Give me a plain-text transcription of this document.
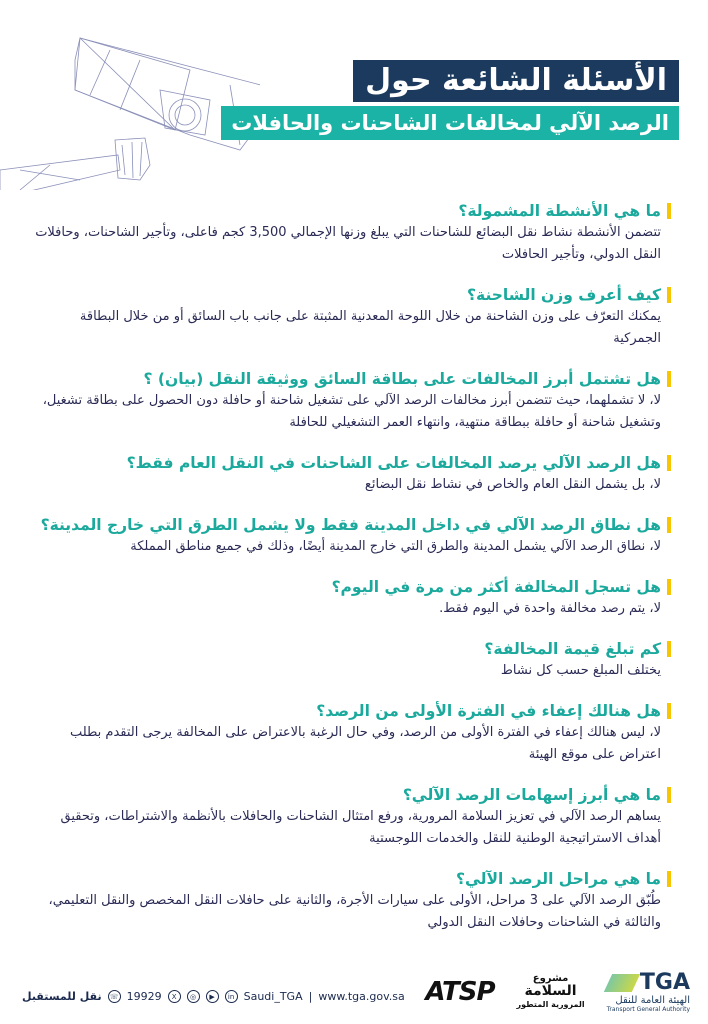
الأسئلة الشائعة حول
الرصد الآلي لمخالفات الشاحنات والحافلات
ما هي الأنشطة المشمولة؟
تتضمن الأنشطة نشاط نقل البضائع للشاحنات التي يبلغ وزنها الإجمالي 3,500 كجم فاعلى، وتأجير الشاحنات، وحافلات النقل الدولي، وتأجير الحافلات
كيف أعرف وزن الشاحنة؟
يمكنك التعرّف على وزن الشاحنة من خلال اللوحة المعدنية المثبتة على جانب باب السائق أو من خلال البطاقة الجمركية
هل تشتمل أبرز المخالفات على بطاقة السائق ووثيقة النقل (بيان) ؟
لا، لا تشملهما، حيث تتضمن أبرز مخالفات الرصد الآلي على تشغيل شاحنة أو حافلة دون الحصول على بطاقة تشغيل، وتشغيل شاحنة أو حافلة ببطاقة منتهية، وانتهاء العمر التشغيلي للحافلة
هل الرصد الآلي يرصد المخالفات على الشاحنات في النقل العام فقط؟
لا، بل يشمل النقل العام والخاص في نشاط نقل البضائع
هل نطاق الرصد الآلي في داخل المدينة فقط ولا يشمل الطرق التي خارج المدينة؟
لا، نطاق الرصد الآلي يشمل المدينة والطرق التي خارج المدينة أيضًا، وذلك في جميع مناطق المملكة
هل تسجل المخالفة أكثر من مرة في اليوم؟
لا، يتم رصد مخالفة واحدة في اليوم فقط.
كم تبلغ قيمة المخالفة؟
يختلف المبلغ حسب كل نشاط
هل هنالك إعفاء في الفترة الأولى من الرصد؟
لا، ليس هنالك إعفاء في الفترة الأولى من الرصد، وفي حال الرغبة بالاعتراض على المخالفة يرجى التقدم بطلب اعتراض على موقع الهيئة
ما هي أبرز إسهامات الرصد الآلي؟
يساهم الرصد الآلي في تعزيز السلامة المرورية، ورفع امتثال الشاحنات والحافلات بالأنظمة والاشتراطات، وتحقيق أهداف الاستراتيجية الوطنية للنقل والخدمات اللوجستية
ما هي مراحل الرصد الآلي؟
طُبّق الرصد الآلي على 3 مراحل، الأولى على سيارات الأجرة، والثانية على حافلات النقل المخصص والنقل التعليمي، والثالثة في الشاحنات وحافلات النقل الدولي
نقل للمستقبل	☏ 19929	X	◎	▶	in Saudi_TGA | www.tga.gov.sa ATSP	مشروع
السلامة
المرورية المتطور
TGA
الهيئة العامة للنقل
Transport General Authority
